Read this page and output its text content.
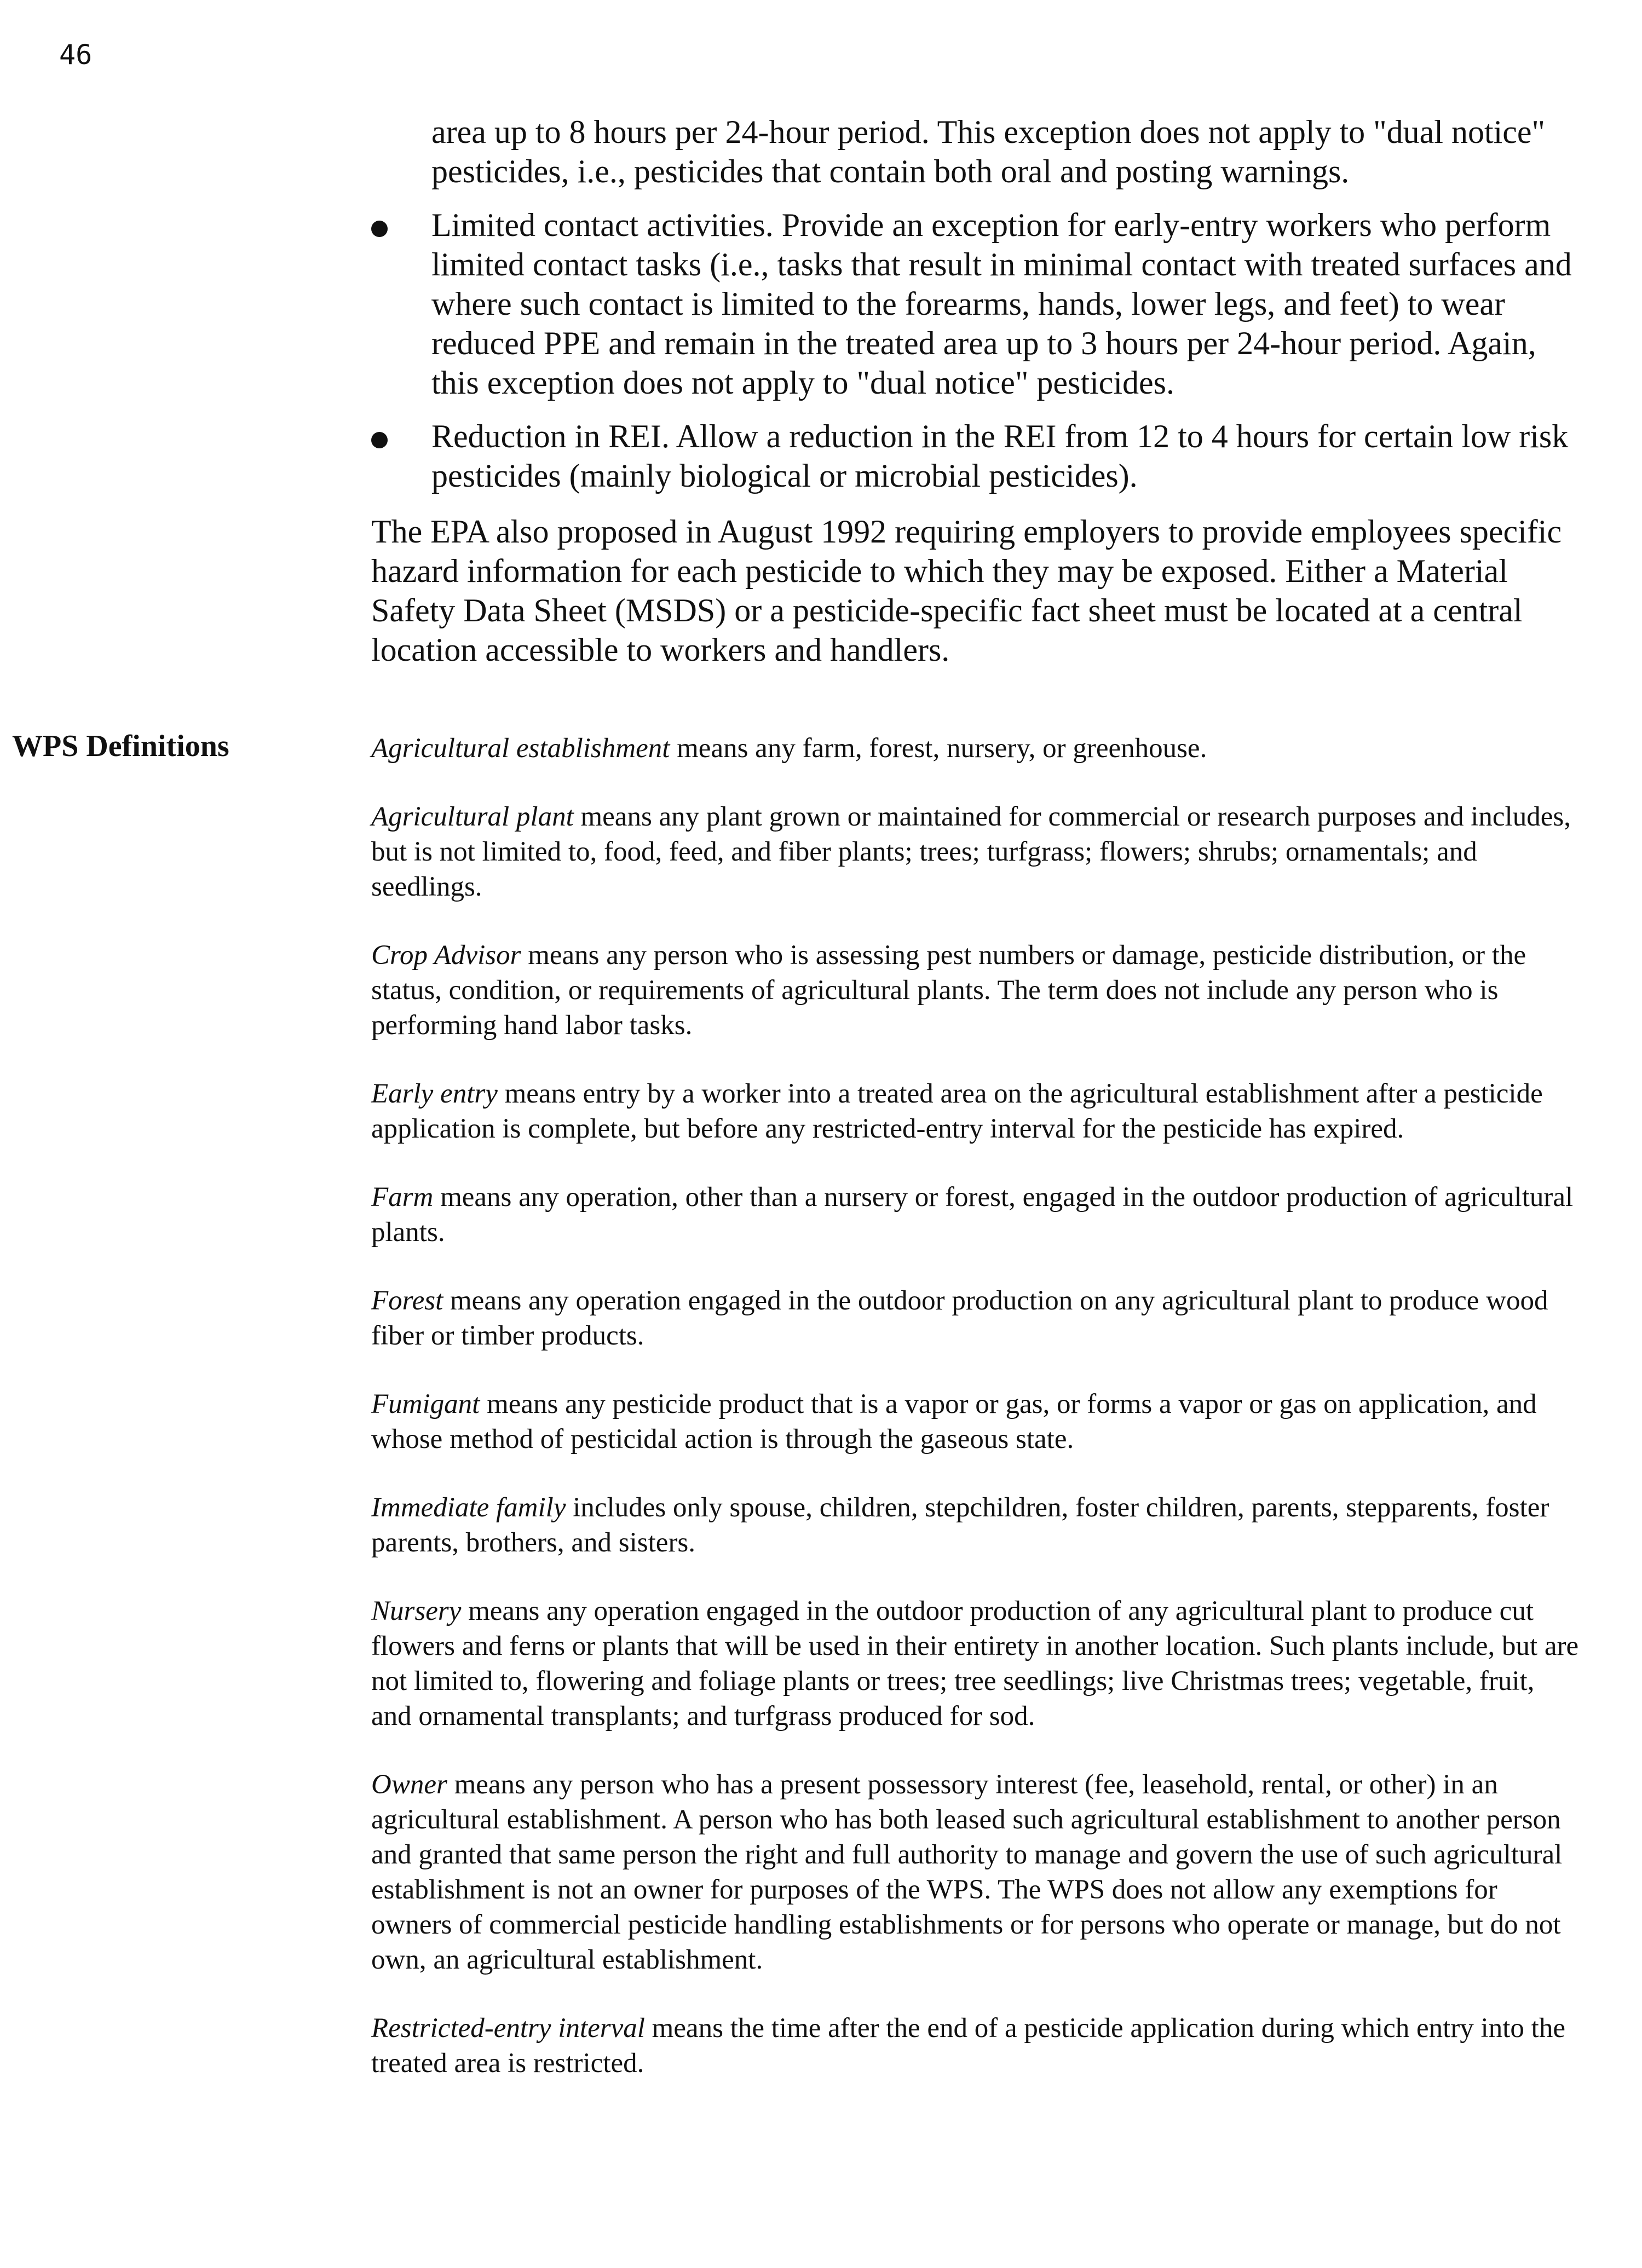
46

area up to 8 hours per 24-hour period. This exception does not apply to "dual notice" pesticides, i.e., pesticides that contain both oral and posting warnings.

Limited contact activities. Provide an exception for early-entry workers who perform limited contact tasks (i.e., tasks that result in minimal contact with treated surfaces and where such contact is limited to the forearms, hands, lower legs, and feet) to wear reduced PPE and remain in the treated area up to 3 hours per 24-hour period. Again, this exception does not apply to "dual notice" pesticides.
Reduction in REI. Allow a reduction in the REI from 12 to 4 hours for certain low risk pesticides (mainly biological or microbial pesticides).

The EPA also proposed in August 1992 requiring employers to provide employees specific hazard information for each pesticide to which they may be exposed. Either a Material Safety Data Sheet (MSDS) or a pesticide-specific fact sheet must be located at a central location accessible to workers and handlers.

WPS Definitions	Agricultural establishment means any farm, forest, nursery, or greenhouse.

Agricultural plant means any plant grown or maintained for commercial or research purposes and includes, but is not limited to, food, feed, and fiber plants; trees; turfgrass; flowers; shrubs; ornamentals; and seedlings.

Crop Advisor means any person who is assessing pest numbers or damage, pesticide distribution, or the status, condition, or requirements of agricultural plants. The term does not include any person who is performing hand labor tasks.

Early entry means entry by a worker into a treated area on the agricultural establishment after a pesticide application is complete, but before any restricted-entry interval for the pesticide has expired.

Farm means any operation, other than a nursery or forest, engaged in the outdoor production of agricultural plants.

Forest means any operation engaged in the outdoor production on any agricultural plant to produce wood fiber or timber products.

Fumigant means any pesticide product that is a vapor or gas, or forms a vapor or gas on application, and whose method of pesticidal action is through the gaseous state.

Immediate family includes only spouse, children, stepchildren, foster children, parents, stepparents, foster parents, brothers, and sisters.

Nursery means any operation engaged in the outdoor production of any agricultural plant to produce cut flowers and ferns or plants that will be used in their entirety in another location. Such plants include, but are not limited to, flowering and foliage plants or trees; tree seedlings; live Christmas trees; vegetable, fruit, and ornamental transplants; and turfgrass produced for sod.

Owner means any person who has a present possessory interest (fee, leasehold, rental, or other) in an agricultural establishment. A person who has both leased such agricultural establishment to another person and granted that same person the right and full authority to manage and govern the use of such agricultural establishment is not an owner for purposes of the WPS. The WPS does not allow any exemptions for owners of commercial pesticide handling establishments or for persons who operate or manage, but do not own, an agricultural establishment.

Restricted-entry interval means the time after the end of a pesticide application during which entry into the treated area is restricted.
